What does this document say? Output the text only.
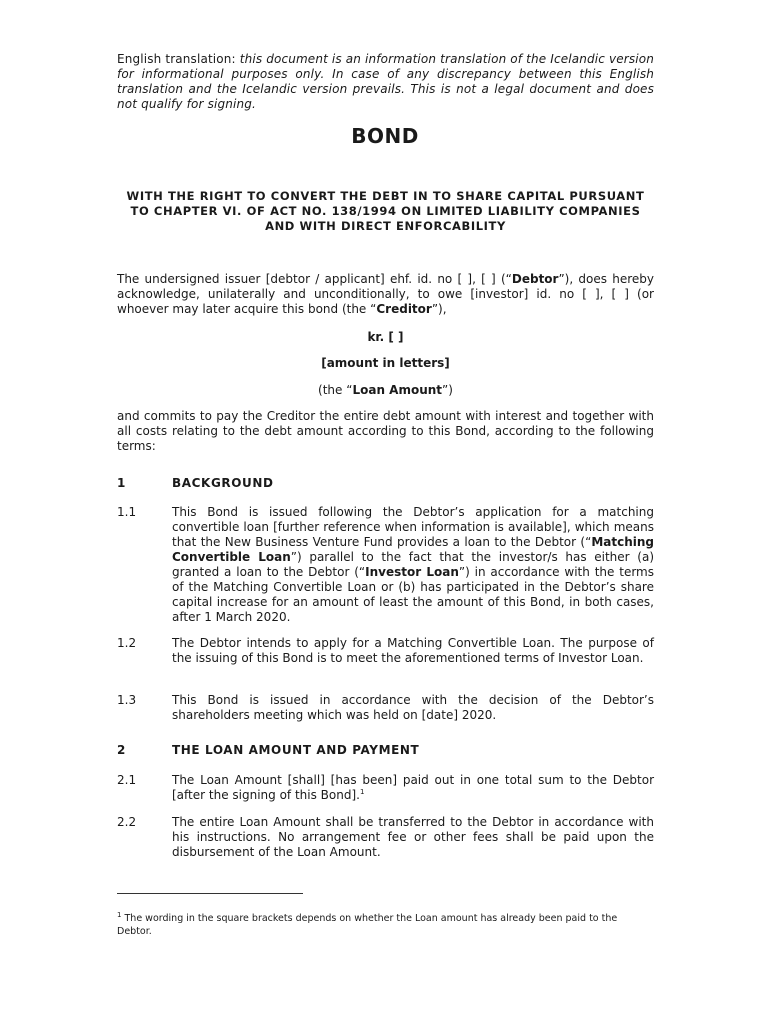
English translation: this document is an information translation of the Icelandic version for informational purposes only. In case of any discrepancy between this English translation and the Icelandic version prevails. This is not a legal document and does not qualify for signing.

BOND
WITH THE RIGHT TO CONVERT THE DEBT IN TO SHARE CAPITAL PURSUANT TO CHAPTER VI. OF ACT NO. 138/1994 ON LIMITED LIABILITY COMPANIES AND WITH DIRECT ENFORCABILITY

The undersigned issuer [debtor / applicant] ehf. id. no [ ], [ ] (“Debtor”), does hereby acknowledge, unilaterally and unconditionally, to owe [investor] id. no [ ], [ ] (or whoever may later acquire this bond (the “Creditor”),

kr. [ ]
[amount in letters]
(the “Loan Amount”)

and commits to pay the Creditor the entire debt amount with interest and together with all costs relating to the debt amount according to this Bond, according to the following terms:

1	BACKGROUND
1.1	This Bond is issued following the Debtor’s application for a matching convertible loan [further reference when information is available], which means that the New Business Venture Fund provides a loan to the Debtor (“Matching Convertible Loan”) parallel to the fact that the investor/s has either (a) granted a loan to the Debtor (“Investor Loan”) in accordance with the terms of the Matching Convertible Loan or (b) has participated in the Debtor’s share capital increase for an amount of least the amount of this Bond, in both cases, after 1 March 2020.

1.2	The Debtor intends to apply for a Matching Convertible Loan. The purpose of the issuing of this Bond is to meet the aforementioned terms of Investor Loan.

1.3	This Bond is issued in accordance with the decision of the Debtor’s shareholders meeting which was held on [date] 2020.

2	THE LOAN AMOUNT AND PAYMENT
2.1	The Loan Amount [shall] [has been] paid out in one total sum to the Debtor [after the signing of this Bond].$^1$

2.2	The entire Loan Amount shall be transferred to the Debtor in accordance with his instructions. No arrangement fee or other fees shall be paid upon the disbursement of the Loan Amount.

$^1$ The wording in the square brackets depends on whether the Loan amount has already been paid to the Debtor.
